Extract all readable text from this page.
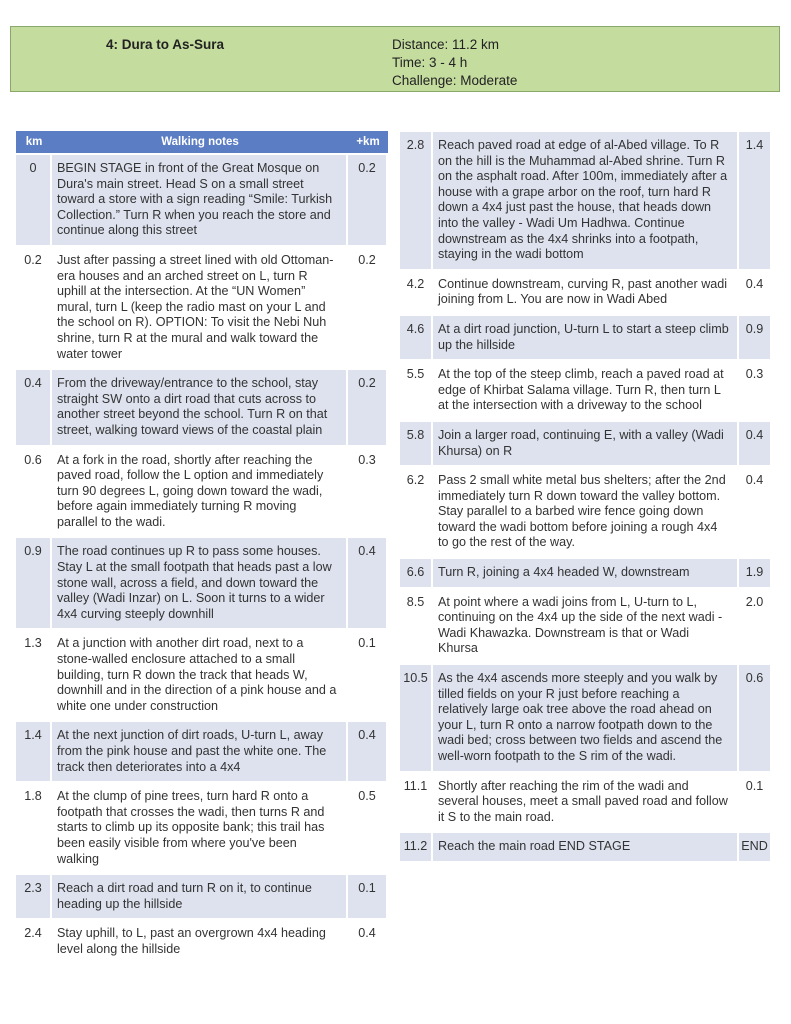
4: Dura to As-Sura	Distance: 11.2 km
Time: 3 - 4 h
Challenge: Moderate
km	Walking notes	+km
0	BEGIN STAGE in front of the Great Mosque on Dura's main street. Head S on a small street toward a store with a sign reading “Smile: Turkish Collection.” Turn R when you reach the store and continue along this street	0.2
0.2	Just after passing a street lined with old Ottoman-era houses and an arched street on L, turn R uphill at the intersection. At the “UN Women” mural, turn L (keep the radio mast on your L and the school on R). OPTION: To visit the Nebi Nuh shrine, turn R at the mural and walk toward the water tower	0.2
0.4	From the driveway/entrance to the school, stay straight SW onto a dirt road that cuts across to another street beyond the school. Turn R on that street, walking toward views of the coastal plain	0.2
0.6	At a fork in the road, shortly after reaching the paved road, follow the L option and immediately turn 90 degrees L, going down toward the wadi, before again immediately turning R moving parallel to the wadi.	0.3
0.9	The road continues up R to pass some houses. Stay L at the small footpath that heads past a low stone wall, across a field, and down toward the valley (Wadi Inzar) on L. Soon it turns to a wider 4x4 curving steeply downhill	0.4
1.3	At a junction with another dirt road, next to a stone-walled enclosure attached to a small building, turn R down the track that heads W, downhill and in the direction of a pink house and a white one under construction	0.1
1.4	At the next junction of dirt roads, U-turn L, away from the pink house and past the white one. The track then deteriorates into a 4x4	0.4
1.8	At the clump of pine trees, turn hard R onto a footpath that crosses the wadi, then turns R and starts to climb up its opposite bank; this trail has been easily visible from where you've been walking	0.5
2.3	Reach a dirt road and turn R on it, to continue heading up the hillside	0.1
2.4	Stay uphill, to L, past an overgrown 4x4 heading level along the hillside	0.4
2.8	Reach paved road at edge of al-Abed village. To R on the hill is the Muhammad al-Abed shrine. Turn R on the asphalt road. After 100m, immediately after a house with a grape arbor on the roof, turn hard R down a 4x4 just past the house, that heads down into the valley - Wadi Um Hadhwa. Continue downstream as the 4x4 shrinks into a footpath, staying in the wadi bottom	1.4
4.2	Continue downstream, curving R, past another wadi joining from L. You are now in Wadi Abed	0.4
4.6	At a dirt road junction, U-turn L to start a steep climb up the hillside	0.9
5.5	At the top of the steep climb, reach a paved road at edge of Khirbat Salama village. Turn R, then turn L at the intersection with a driveway to the school	0.3
5.8	Join a larger road, continuing E, with a valley (Wadi Khursa) on R	0.4
6.2	Pass 2 small white metal bus shelters; after the 2nd immediately turn R down toward the valley bottom. Stay parallel to a barbed wire fence going down toward the wadi bottom before joining a rough 4x4 to go the rest of the way.	0.4
6.6	Turn R, joining a 4x4 headed W, downstream	1.9
8.5	At point where a wadi joins from L, U-turn to L, continuing on the 4x4 up the side of the next wadi - Wadi Khawazka. Downstream is that or Wadi Khursa	2.0
10.5	As the 4x4 ascends more steeply and you walk by tilled fields on your R just before reaching a relatively large oak tree above the road ahead on your L, turn R onto a narrow footpath down to the wadi bed; cross between two fields and ascend the well-worn footpath to the S rim of the wadi.	0.6
11.1	Shortly after reaching the rim of the wadi and several houses, meet a small paved road and follow it S to the main road.	0.1
11.2	Reach the main road END STAGE	END
